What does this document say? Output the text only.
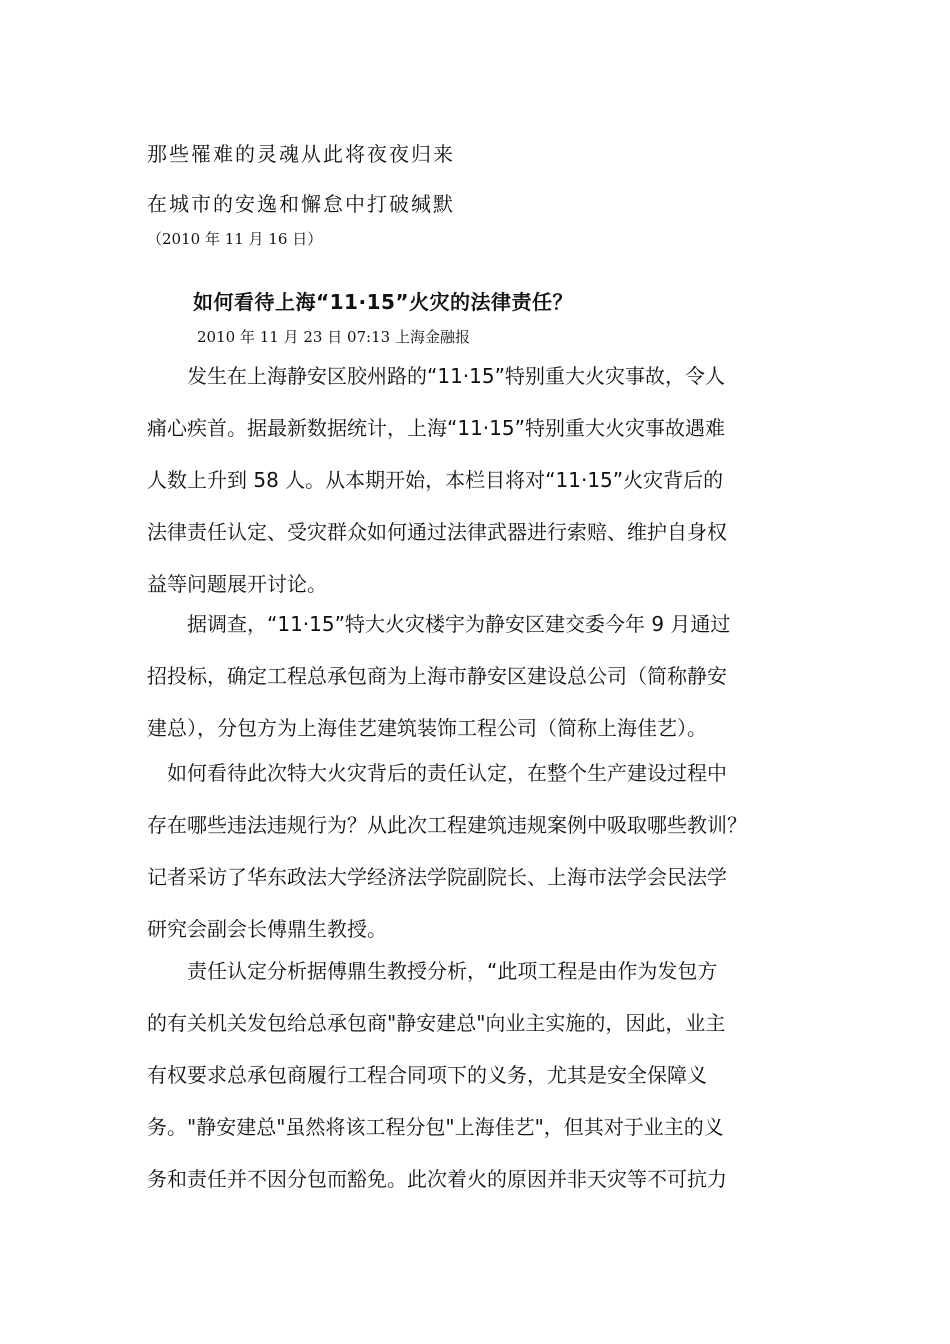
那些罹难的灵魂从此将夜夜归来
在城市的安逸和懈怠中打破缄默
（2010 年 11 月 16 日）
如何看待上海“11·15”火灾的法律责任？
2010 年 11 月 23 日 07:13 上海金融报
　　发生在上海静安区胶州路的“11·15”特别重大火灾事故，令人
痛心疾首。据最新数据统计，上海“11·15”特别重大火灾事故遇难
人数上升到 58 人。从本期开始，本栏目将对“11·15”火灾背后的
法律责任认定、受灾群众如何通过法律武器进行索赔、维护自身权
益等问题展开讨论。
　　据调查，“11·15”特大火灾楼宇为静安区建交委今年 9 月通过
招投标，确定工程总承包商为上海市静安区建设总公司（简称静安
建总），分包方为上海佳艺建筑装饰工程公司（简称上海佳艺）。
　如何看待此次特大火灾背后的责任认定，在整个生产建设过程中
存在哪些违法违规行为？从此次工程建筑违规案例中吸取哪些教训？
记者采访了华东政法大学经济法学院副院长、上海市法学会民法学
研究会副会长傅鼎生教授。
　　责任认定分析据傅鼎生教授分析，“此项工程是由作为发包方
的有关机关发包给总承包商"静安建总"向业主实施的，因此，业主
有权要求总承包商履行工程合同项下的义务，尤其是安全保障义
务。"静安建总"虽然将该工程分包"上海佳艺"，但其对于业主的义
务和责任并不因分包而豁免。此次着火的原因并非天灾等不可抗力
